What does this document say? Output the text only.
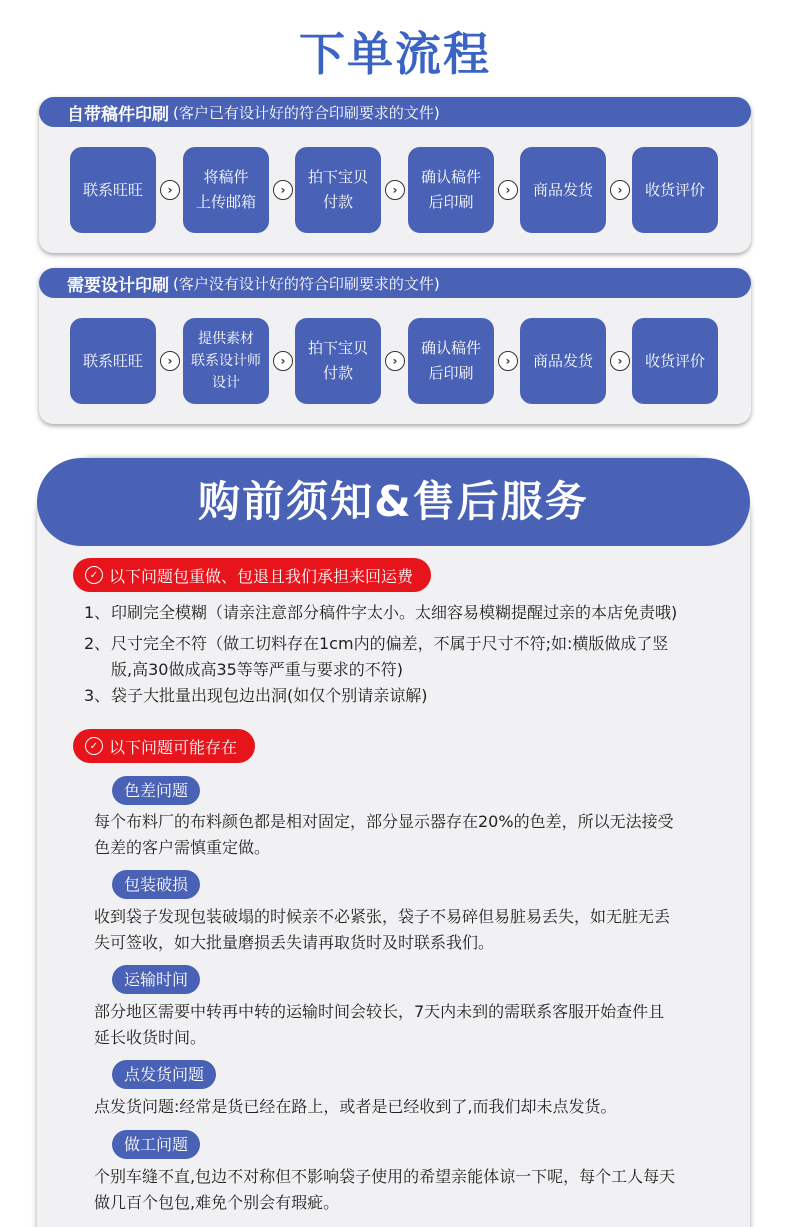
下单流程
自带稿件印刷 (客户已有设计好的符合印刷要求的文件)
联系旺旺	›
将稿件
上传邮箱
›
拍下宝贝
付款
›
确认稿件
后印刷
›	商品发货	›	收货评价
需要设计印刷 (客户没有设计好的符合印刷要求的文件)
联系旺旺	›
提供素材
联系设计师
设计
›
拍下宝贝
付款
›
确认稿件
后印刷
›	商品发货	›	收货评价
购前须知&售后服务
✓ 以下问题包重做、包退且我们承担来回运费
1、印刷完全模糊（请亲注意部分稿件字太小。太细容易模糊提醒过亲的本店免责哦)
2、尺寸完全不符（做工切料存在1cm内的偏差，不属于尺寸不符;如:横版做成了竖
版,高30做成高35等等严重与要求的不符)
3、袋子大批量出现包边出洞(如仅个别请亲谅解)
✓ 以下问题可能存在
色差问题
每个布料厂的布料颜色都是相对固定，部分显示器存在20%的色差，所以无法接受
色差的客户需慎重定做。
包装破损
收到袋子发现包装破塌的时候亲不必紧张，袋子不易碎但易脏易丢失，如无脏无丢
失可签收，如大批量磨损丢失请再取货时及时联系我们。
运输时间
部分地区需要中转再中转的运输时间会较长，7天内未到的需联系客服开始查件且
延长收货时间。
点发货问题
点发货问题:经常是货已经在路上，或者是已经收到了,而我们却未点发货。
做工问题
个别车缝不直,包边不对称但不影响袋子使用的希望亲能体谅一下呢，每个工人每天
做几百个包包,难免个别会有瑕疵。
